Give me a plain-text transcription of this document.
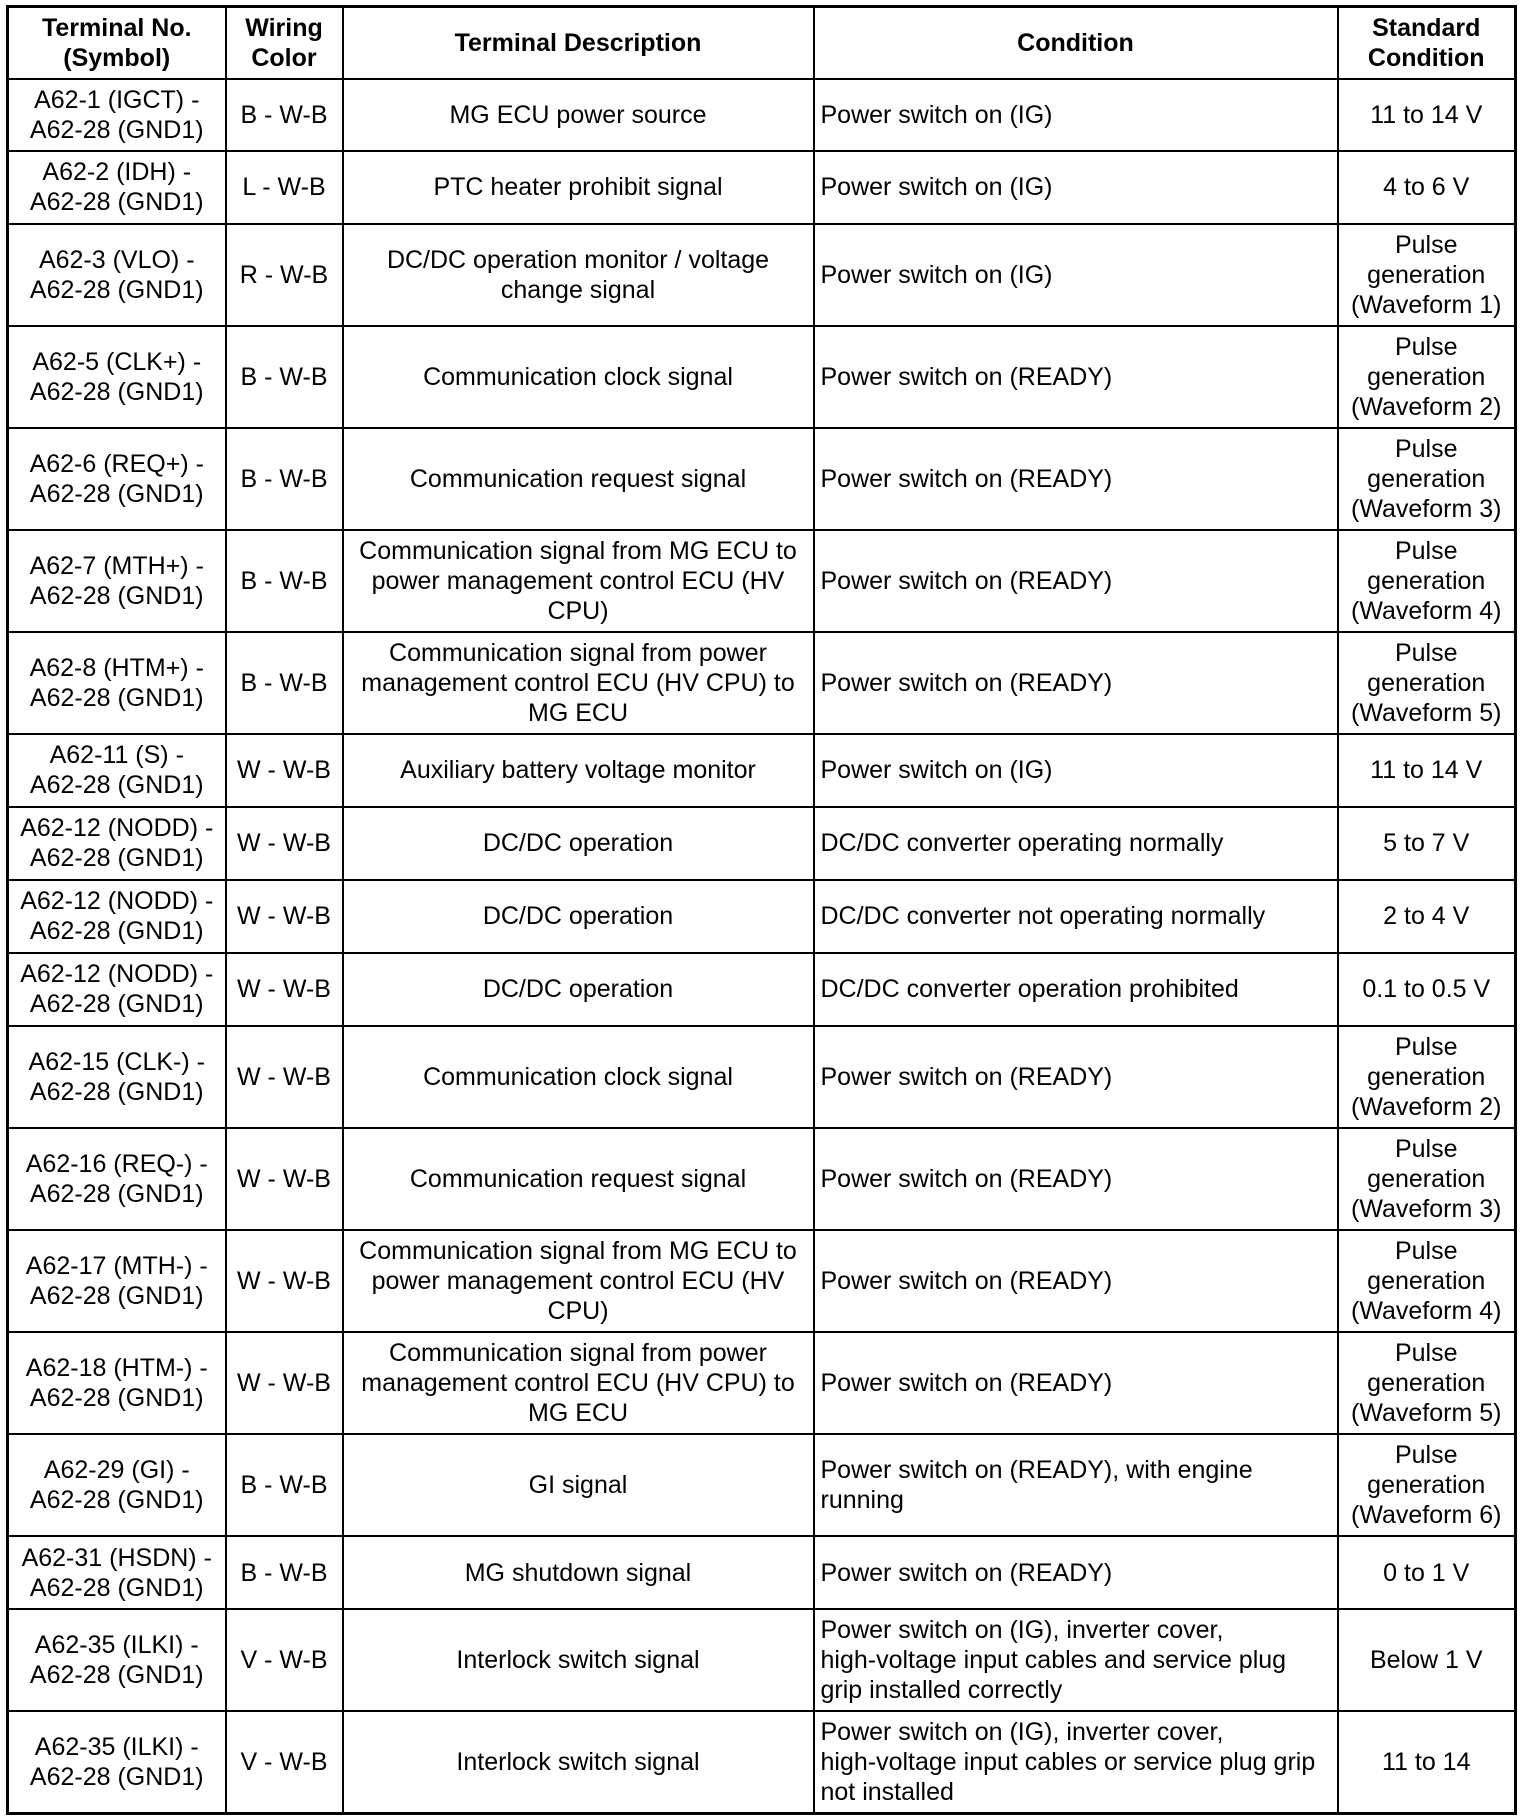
Terminal No.
(Symbol)	Wiring
Color	Terminal Description	Condition	Standard
Condition

A62-1 (IGCT) -
A62-28 (GND1)	B - W-B	MG ECU power source	Power switch on (IG)	11 to 14 V

A62-2 (IDH) -
A62-28 (GND1)	L - W-B	PTC heater prohibit signal	Power switch on (IG)	4 to 6 V

A62-3 (VLO) -
A62-28 (GND1)	R - W-B	DC/DC operation monitor / voltage
change signal	Power switch on (IG)	Pulse
generation
(Waveform 1)

A62-5 (CLK+) -
A62-28 (GND1)	B - W-B	Communication clock signal	Power switch on (READY)	Pulse
generation
(Waveform 2)

A62-6 (REQ+) -
A62-28 (GND1)	B - W-B	Communication request signal	Power switch on (READY)	Pulse
generation
(Waveform 3)

A62-7 (MTH+) -
A62-28 (GND1)	B - W-B	Communication signal from MG ECU to
power management control ECU (HV
CPU)	Power switch on (READY)	Pulse
generation
(Waveform 4)

A62-8 (HTM+) -
A62-28 (GND1)	B - W-B	Communication signal from power
management control ECU (HV CPU) to
MG ECU	Power switch on (READY)	Pulse
generation
(Waveform 5)

A62-11 (S) -
A62-28 (GND1)	W - W-B	Auxiliary battery voltage monitor	Power switch on (IG)	11 to 14 V

A62-12 (NODD) -
A62-28 (GND1)	W - W-B	DC/DC operation	DC/DC converter operating normally	5 to 7 V

A62-12 (NODD) -
A62-28 (GND1)	W - W-B	DC/DC operation	DC/DC converter not operating normally	2 to 4 V

A62-12 (NODD) -
A62-28 (GND1)	W - W-B	DC/DC operation	DC/DC converter operation prohibited	0.1 to 0.5 V

A62-15 (CLK-) -
A62-28 (GND1)	W - W-B	Communication clock signal	Power switch on (READY)	Pulse
generation
(Waveform 2)

A62-16 (REQ-) -
A62-28 (GND1)	W - W-B	Communication request signal	Power switch on (READY)	Pulse
generation
(Waveform 3)

A62-17 (MTH-) -
A62-28 (GND1)	W - W-B	Communication signal from MG ECU to
power management control ECU (HV
CPU)	Power switch on (READY)	Pulse
generation
(Waveform 4)

A62-18 (HTM-) -
A62-28 (GND1)	W - W-B	Communication signal from power
management control ECU (HV CPU) to
MG ECU	Power switch on (READY)	Pulse
generation
(Waveform 5)

A62-29 (GI) -
A62-28 (GND1)	B - W-B	GI signal	Power switch on (READY), with engine
running	Pulse
generation
(Waveform 6)

A62-31 (HSDN) -
A62-28 (GND1)	B - W-B	MG shutdown signal	Power switch on (READY)	0 to 1 V

A62-35 (ILKI) -
A62-28 (GND1)	V - W-B	Interlock switch signal	Power switch on (IG), inverter cover,
high-voltage input cables and service plug
grip installed correctly	Below 1 V

A62-35 (ILKI) -
A62-28 (GND1)	V - W-B	Interlock switch signal	Power switch on (IG), inverter cover,
high-voltage input cables or service plug grip
not installed	11 to 14
